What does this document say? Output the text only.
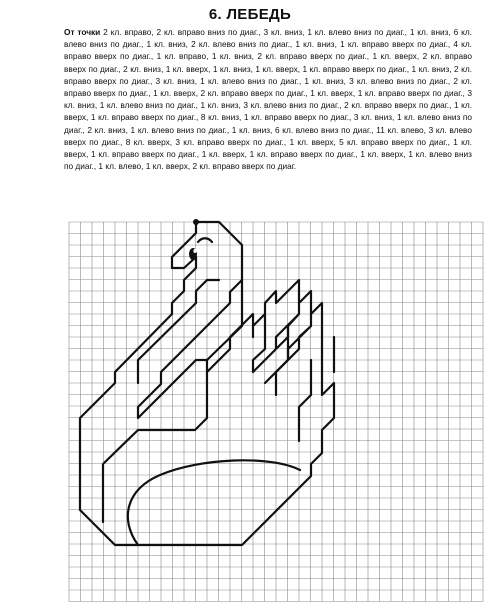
6. ЛЕБЕДЬ
От точки 2 кл. вправо, 2 кл. вправо вниз по диаг., 3 кл. вниз, 1 кл. влево вниз по диаг., 1 кл. вниз, 6 кл. влево вниз по диаг., 1 кл. вниз, 2 кл. влево вниз по диаг., 1 кл. вниз, 1 кл. вправо вверх по диаг., 4 кл. вправо вверх по диаг., 1 кл. вправо, 1 кл. вниз, 2 кл. вправо вверх по диаг., 1 кл. вверх, 2 кл. вправо вверх по диаг., 2 кл. вниз, 1 кл. вверх, 1 кл. вниз, 1 кл. вверх, 1 кл. вправо вверх по диаг., 1 кл. вниз, 2 кл. вправо вверх по диаг., 3 кл. вниз, 1 кл. влево вниз по диаг., 1 кл. вниз, 3 кл. влево вниз по диаг., 2 кл. вправо вверх по диаг., 1 кл. вверх, 2 кл. вправо вверх по диаг., 1 кл. вверх, 1 кл. вправо вверх по диаг., 3 кл. вниз, 1 кл. влево вниз по диаг., 1 кл. вниз, 3 кл. влево вниз по диаг., 2 кл. вправо вверх по диаг., 1 кл. вверх, 1 кл. вправо вверх по диаг., 8 кл. вниз, 1 кл. вправо вверх по диаг., 3 кл. вниз, 1 кл. влево вниз по диаг., 2 кл. вниз, 1 кл. влево вниз по диаг., 1 кл. вниз, 6 кл. влево вниз по диаг., 11 кл. влево, 3 кл. влево вверх по диаг., 8 кл. вверх, 3 кл. вправо вверх по диаг., 1 кл. вверх, 5 кл. вправо вверх по диаг., 1 кл. вверх, 1 кл. вправо вверх по диаг., 1 кл. вверх, 1 кл. вправо вверх по диаг., 1 кл. вверх, 1 кл. влево вниз по диаг., 1 кл. влево, 1 кл. вверх, 2 кл. вправо вверх по диаг.
